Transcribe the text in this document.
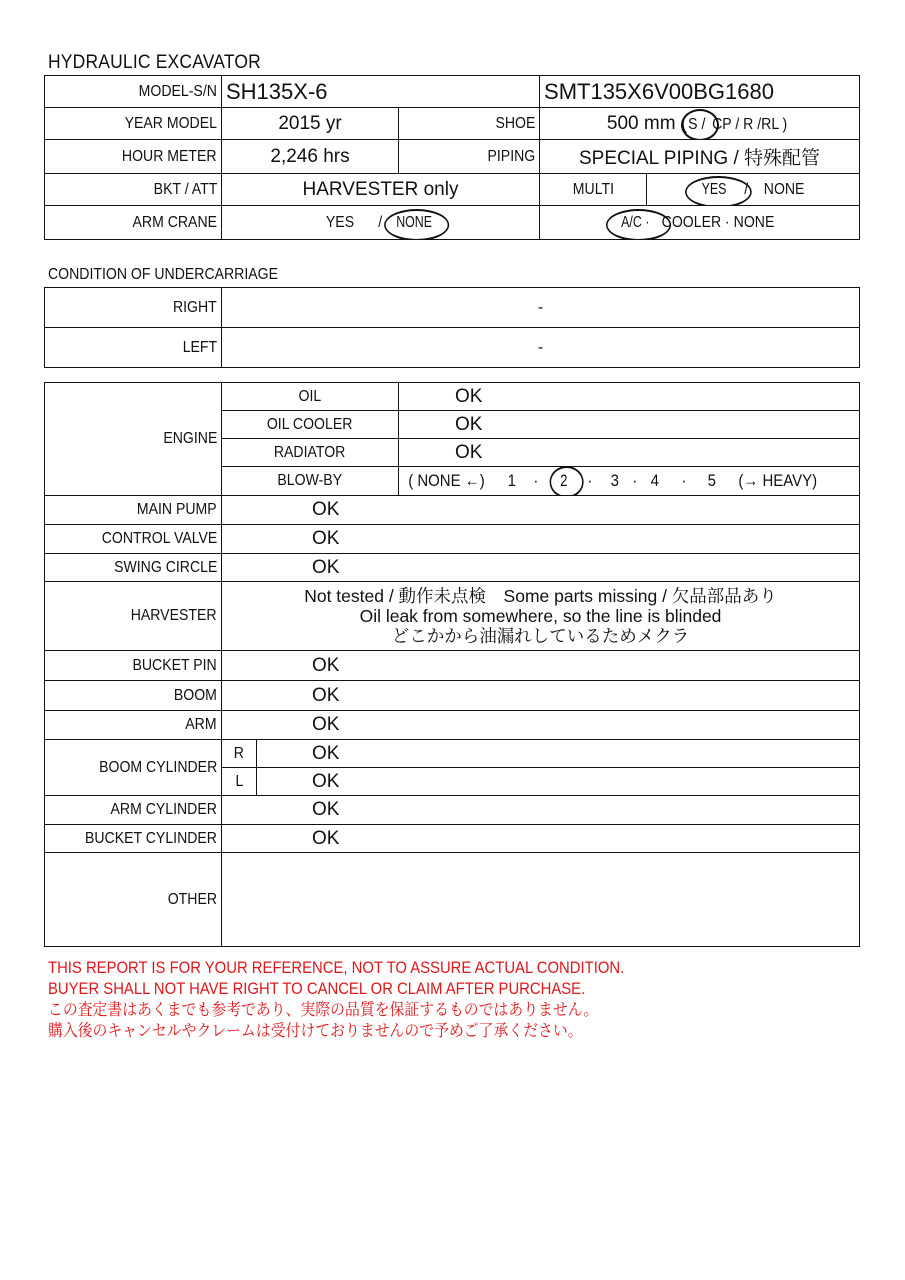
HYDRAULIC EXCAVATOR
MODEL-S/N	SH135X-6		SMT135X6V00BG1680	
YEAR MODEL	2015 yr	SHOE	500 mm (S / CP / R /RL )	
HOUR METER	2,246 hrs	PIPING	SPECIAL PIPING / 特殊配管	
BKT / ATT	HARVESTER only		MULTI	YES / NONE
ARM CRANE	YES / NONE		A/C · COOLER · NONE	
CONDITION OF UNDERCARRIAGE
RIGHT	-
LEFT	-
ENGINE	OIL		OK
	OIL COOLER		OK
	RADIATOR		OK
	BLOW-BY		( NONE ←) 1 · 2 · 3 · 4 · 5 (→ HEAVY)
MAIN PUMP	OK		
CONTROL VALVE	OK		
SWING CIRCLE	OK		
HARVESTER	Not tested / 動作未点検　Some parts missing / 欠品部品あり
Oil leak from somewhere, so the line is blinded
どこかから油漏れしているためメクラ		

BUCKET PIN	OK		
BOOM	OK		
ARM	OK		
BOOM CYLINDER	R	OK	
	L	OK	
ARM CYLINDER	OK		
BUCKET CYLINDER	OK		
OTHER			
THIS REPORT IS FOR YOUR REFERENCE, NOT TO ASSURE ACTUAL CONDITION.
BUYER SHALL NOT HAVE RIGHT TO CANCEL OR CLAIM AFTER PURCHASE.
この査定書はあくまでも参考であり、実際の品質を保証するものではありません。
購入後のキャンセルやクレームは受付けておりませんので予めご了承ください。
